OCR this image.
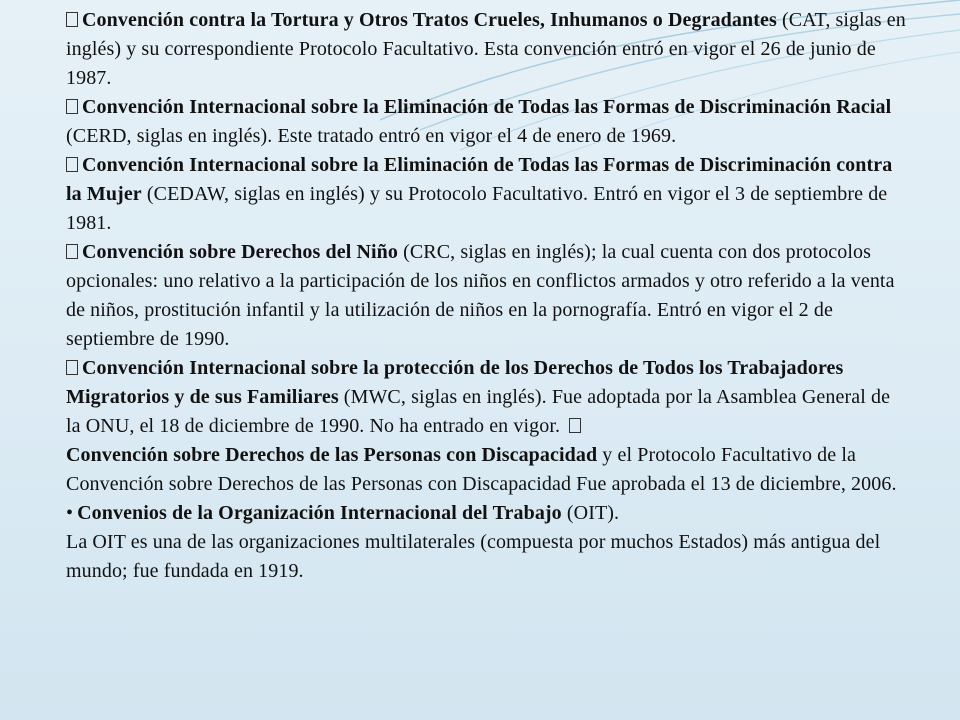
Convención contra la Tortura y Otros Tratos Crueles, Inhumanos o Degradantes (CAT, siglas en inglés) y su correspondiente Protocolo Facultativo. Esta convención entró en vigor el 26 de junio de 1987.

Convención Internacional sobre la Eliminación de Todas las Formas de Discriminación Racial (CERD, siglas en inglés). Este tratado entró en vigor el 4 de enero de 1969.

Convención Internacional sobre la Eliminación de Todas las Formas de Discriminación contra la Mujer (CEDAW, siglas en inglés) y su Protocolo Facultativo. Entró en vigor el 3 de septiembre de 1981.

Convención sobre Derechos del Niño (CRC, siglas en inglés); la cual cuenta con dos protocolos opcionales: uno relativo a la participación de los niños en conflictos armados y otro referido a la venta de niños, prostitución infantil y la utilización de niños en la pornografía. Entró en vigor el 2 de septiembre de 1990.

Convención Internacional sobre la protección de los Derechos de Todos los Trabajadores Migratorios y de sus Familiares (MWC, siglas en inglés). Fue adoptada por la Asamblea General de la ONU, el 18 de diciembre de 1990. No ha entrado en vigor.

Convención sobre Derechos de las Personas con Discapacidad y el Protocolo Facultativo de la Convención sobre Derechos de las Personas con Discapacidad Fue aprobada el 13 de diciembre, 2006.

• Convenios de la Organización Internacional del Trabajo (OIT).

La OIT es una de las organizaciones multilaterales (compuesta por muchos Estados) más antigua del mundo; fue fundada en 1919.
